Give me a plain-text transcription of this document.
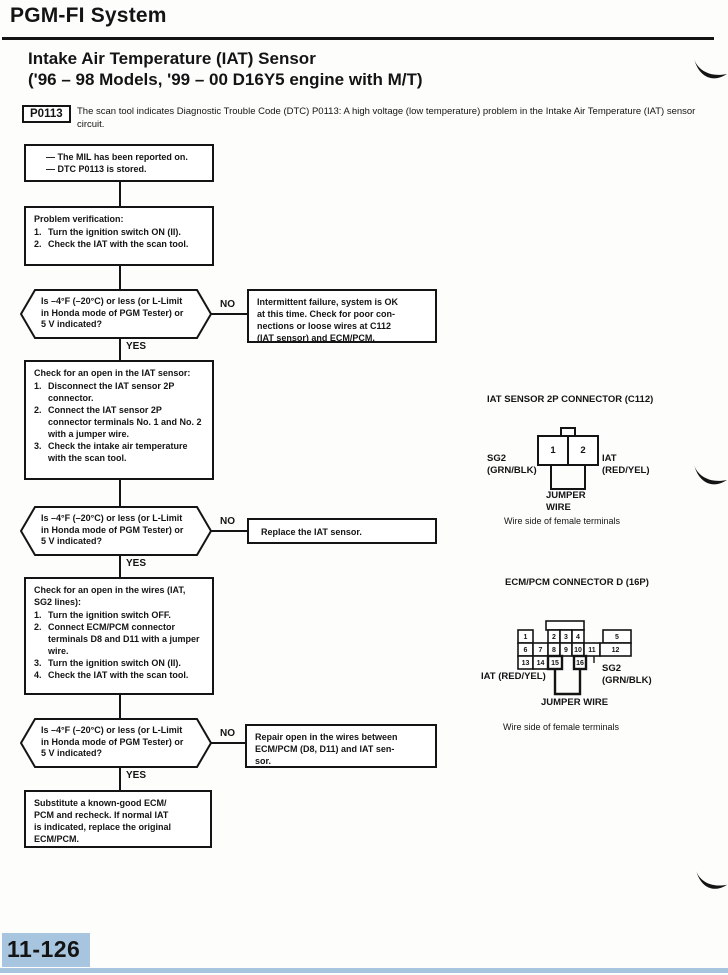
PGM-FI System
Intake Air Temperature (IAT) Sensor
('96 – 98 Models, '99 – 00 D16Y5 engine with M/T)
P0113	The scan tool indicates Diagnostic Trouble Code (DTC) P0113: A high voltage (low temperature) problem in the Intake Air Temperature (IAT) sensor circuit.
— The MIL has been reported on.
— DTC P0113 is stored.
Problem verification:
1. Turn the ignition switch ON (II).
2. Check the IAT with the scan tool.
Is –4°F (–20°C) or less (or L-Limit
in Honda mode of PGM Tester) or
5 V indicated?
NO Intermittent failure, system is OK
at this time. Check for poor con-
nections or loose wires at C112
(IAT sensor) and ECM/PCM.
YES
Check for an open in the IAT sensor:
1. Disconnect the IAT sensor 2P connector.
2. Connect the IAT sensor 2P connector terminals No. 1 and No. 2 with a jumper wire.
3. Check the intake air temperature with the scan tool.
Is –4°F (–20°C) or less (or L-Limit
in Honda mode of PGM Tester) or
5 V indicated?
NO
Replace the IAT sensor.
YES
Check for an open in the wires (IAT, SG2 lines):
1. Turn the ignition switch OFF.
2. Connect ECM/PCM connector terminals D8 and D11 with a jumper wire.
3. Turn the ignition switch ON (II).
4. Check the IAT with the scan tool.
Is –4°F (–20°C) or less (or L-Limit
in Honda mode of PGM Tester) or
5 V indicated?
NO Repair open in the wires between
ECM/PCM (D8, D11) and IAT sen-
sor.
YES
Substitute a known-good ECM/
PCM and recheck. If normal IAT
is indicated, replace the original
ECM/PCM.
IAT SENSOR 2P CONNECTOR (C112)
1	2
SG2
(GRN/BLK)
IAT
(RED/YEL)
JUMPER
WIRE
Wire side of female terminals
ECM/PCM CONNECTOR D (16P)
1	2 3 4	5
6 7 8 9 10 11 12
13 14 15 16
IAT (RED/YEL)
SG2
(GRN/BLK)
JUMPER WIRE
Wire side of female terminals
11-126
